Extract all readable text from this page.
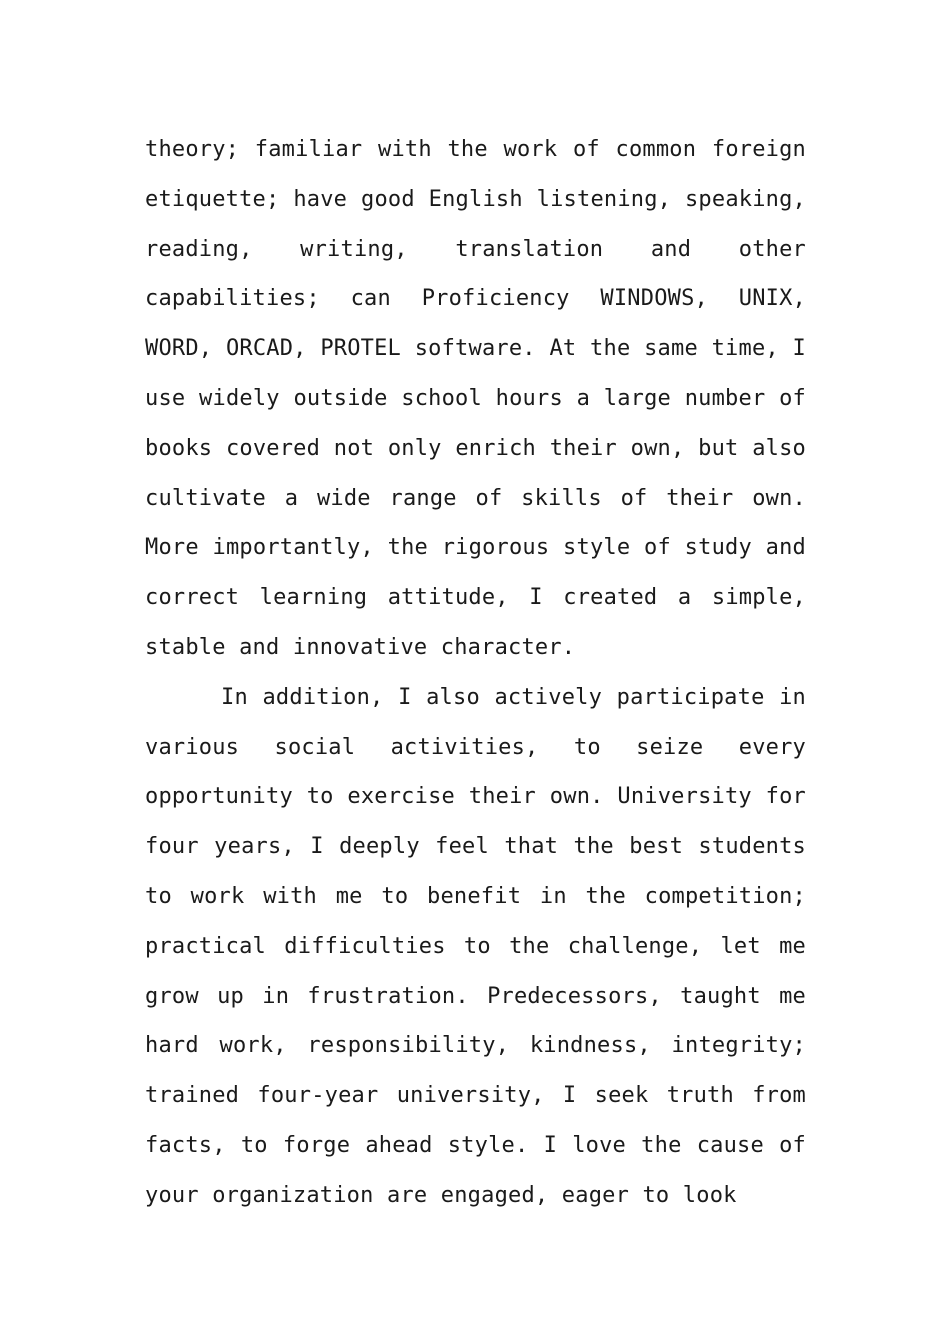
theory; familiar with the work of common foreign etiquette; have good English listening, speaking, reading, writing, translation and other capabilities; can Proficiency WINDOWS, UNIX, WORD, ORCAD, PROTEL software. At the same time, I use widely outside school hours a large number of books covered not only enrich their own, but also cultivate a wide range of skills of their own. More importantly, the rigorous style of study and correct learning attitude, I created a simple, stable and innovative character.

In addition, I also actively participate in various social activities, to seize every opportunity to exercise their own. University for four years, I deeply feel that the best students to work with me to benefit in the competition; practical difficulties to the challenge, let me grow up in frustration. Predecessors, taught me hard work, responsibility, kindness, integrity; trained four-year university, I seek truth from facts, to forge ahead style. I love the cause of your organization are engaged, eager to look
